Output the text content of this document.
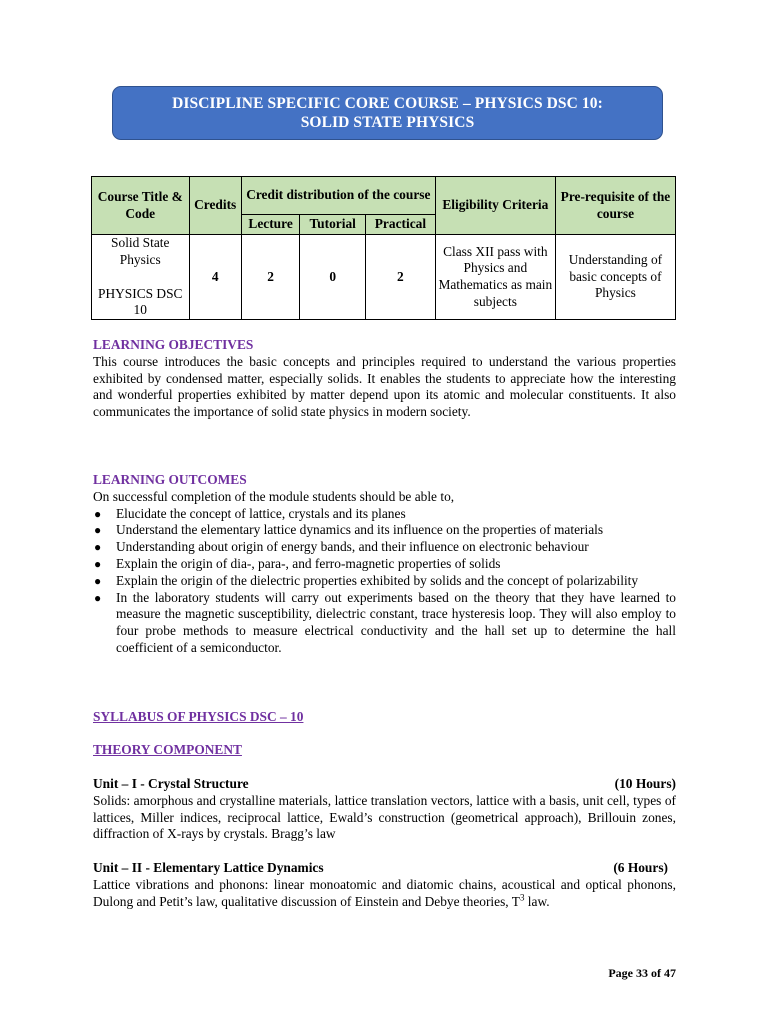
DISCIPLINE SPECIFIC CORE COURSE – PHYSICS DSC 10:
SOLID STATE PHYSICS
Course Title & Code	Credits	Credit distribution of the course			Eligibility Criteria	Pre-requisite of the course
		Lecture	Tutorial	Practical		

Solid State Physics
PHYSICS DSC 10	4	2	0	2	Class XII pass with Physics and Mathematics as main subjects	Understanding of basic concepts of Physics
LEARNING OBJECTIVES
This course introduces the basic concepts and principles required to understand the various properties exhibited by condensed matter, especially solids. It enables the students to appreciate how the interesting and wonderful properties exhibited by matter depend upon its atomic and molecular constituents. It also communicates the importance of solid state physics in modern society.
LEARNING OUTCOMES
On successful completion of the module students should be able to,
● Elucidate the concept of lattice, crystals and its planes
● Understand the elementary lattice dynamics and its influence on the properties of materials
● Understanding about origin of energy bands, and their influence on electronic behaviour
● Explain the origin of dia-, para-, and ferro-magnetic properties of solids
● Explain the origin of the dielectric properties exhibited by solids and the concept of polarizability
● In the laboratory students will carry out experiments based on the theory that they have learned to measure the magnetic susceptibility, dielectric constant, trace hysteresis loop. They will also employ to four probe methods to measure electrical conductivity and the hall set up to determine the hall coefficient of a semiconductor.
SYLLABUS OF PHYSICS DSC – 10
THEORY COMPONENT
Unit – I - Crystal Structure	(10 Hours)
Solids: amorphous and crystalline materials, lattice translation vectors, lattice with a basis, unit cell, types of lattices, Miller indices, reciprocal lattice, Ewald’s construction (geometrical approach), Brillouin zones, diffraction of X-rays by crystals. Bragg’s law
Unit – II - Elementary Lattice Dynamics	(6 Hours)
Lattice vibrations and phonons: linear monoatomic and diatomic chains, acoustical and optical phonons, Dulong and Petit’s law, qualitative discussion of Einstein and Debye theories, $T^3$ law.
Page 33 of 47
